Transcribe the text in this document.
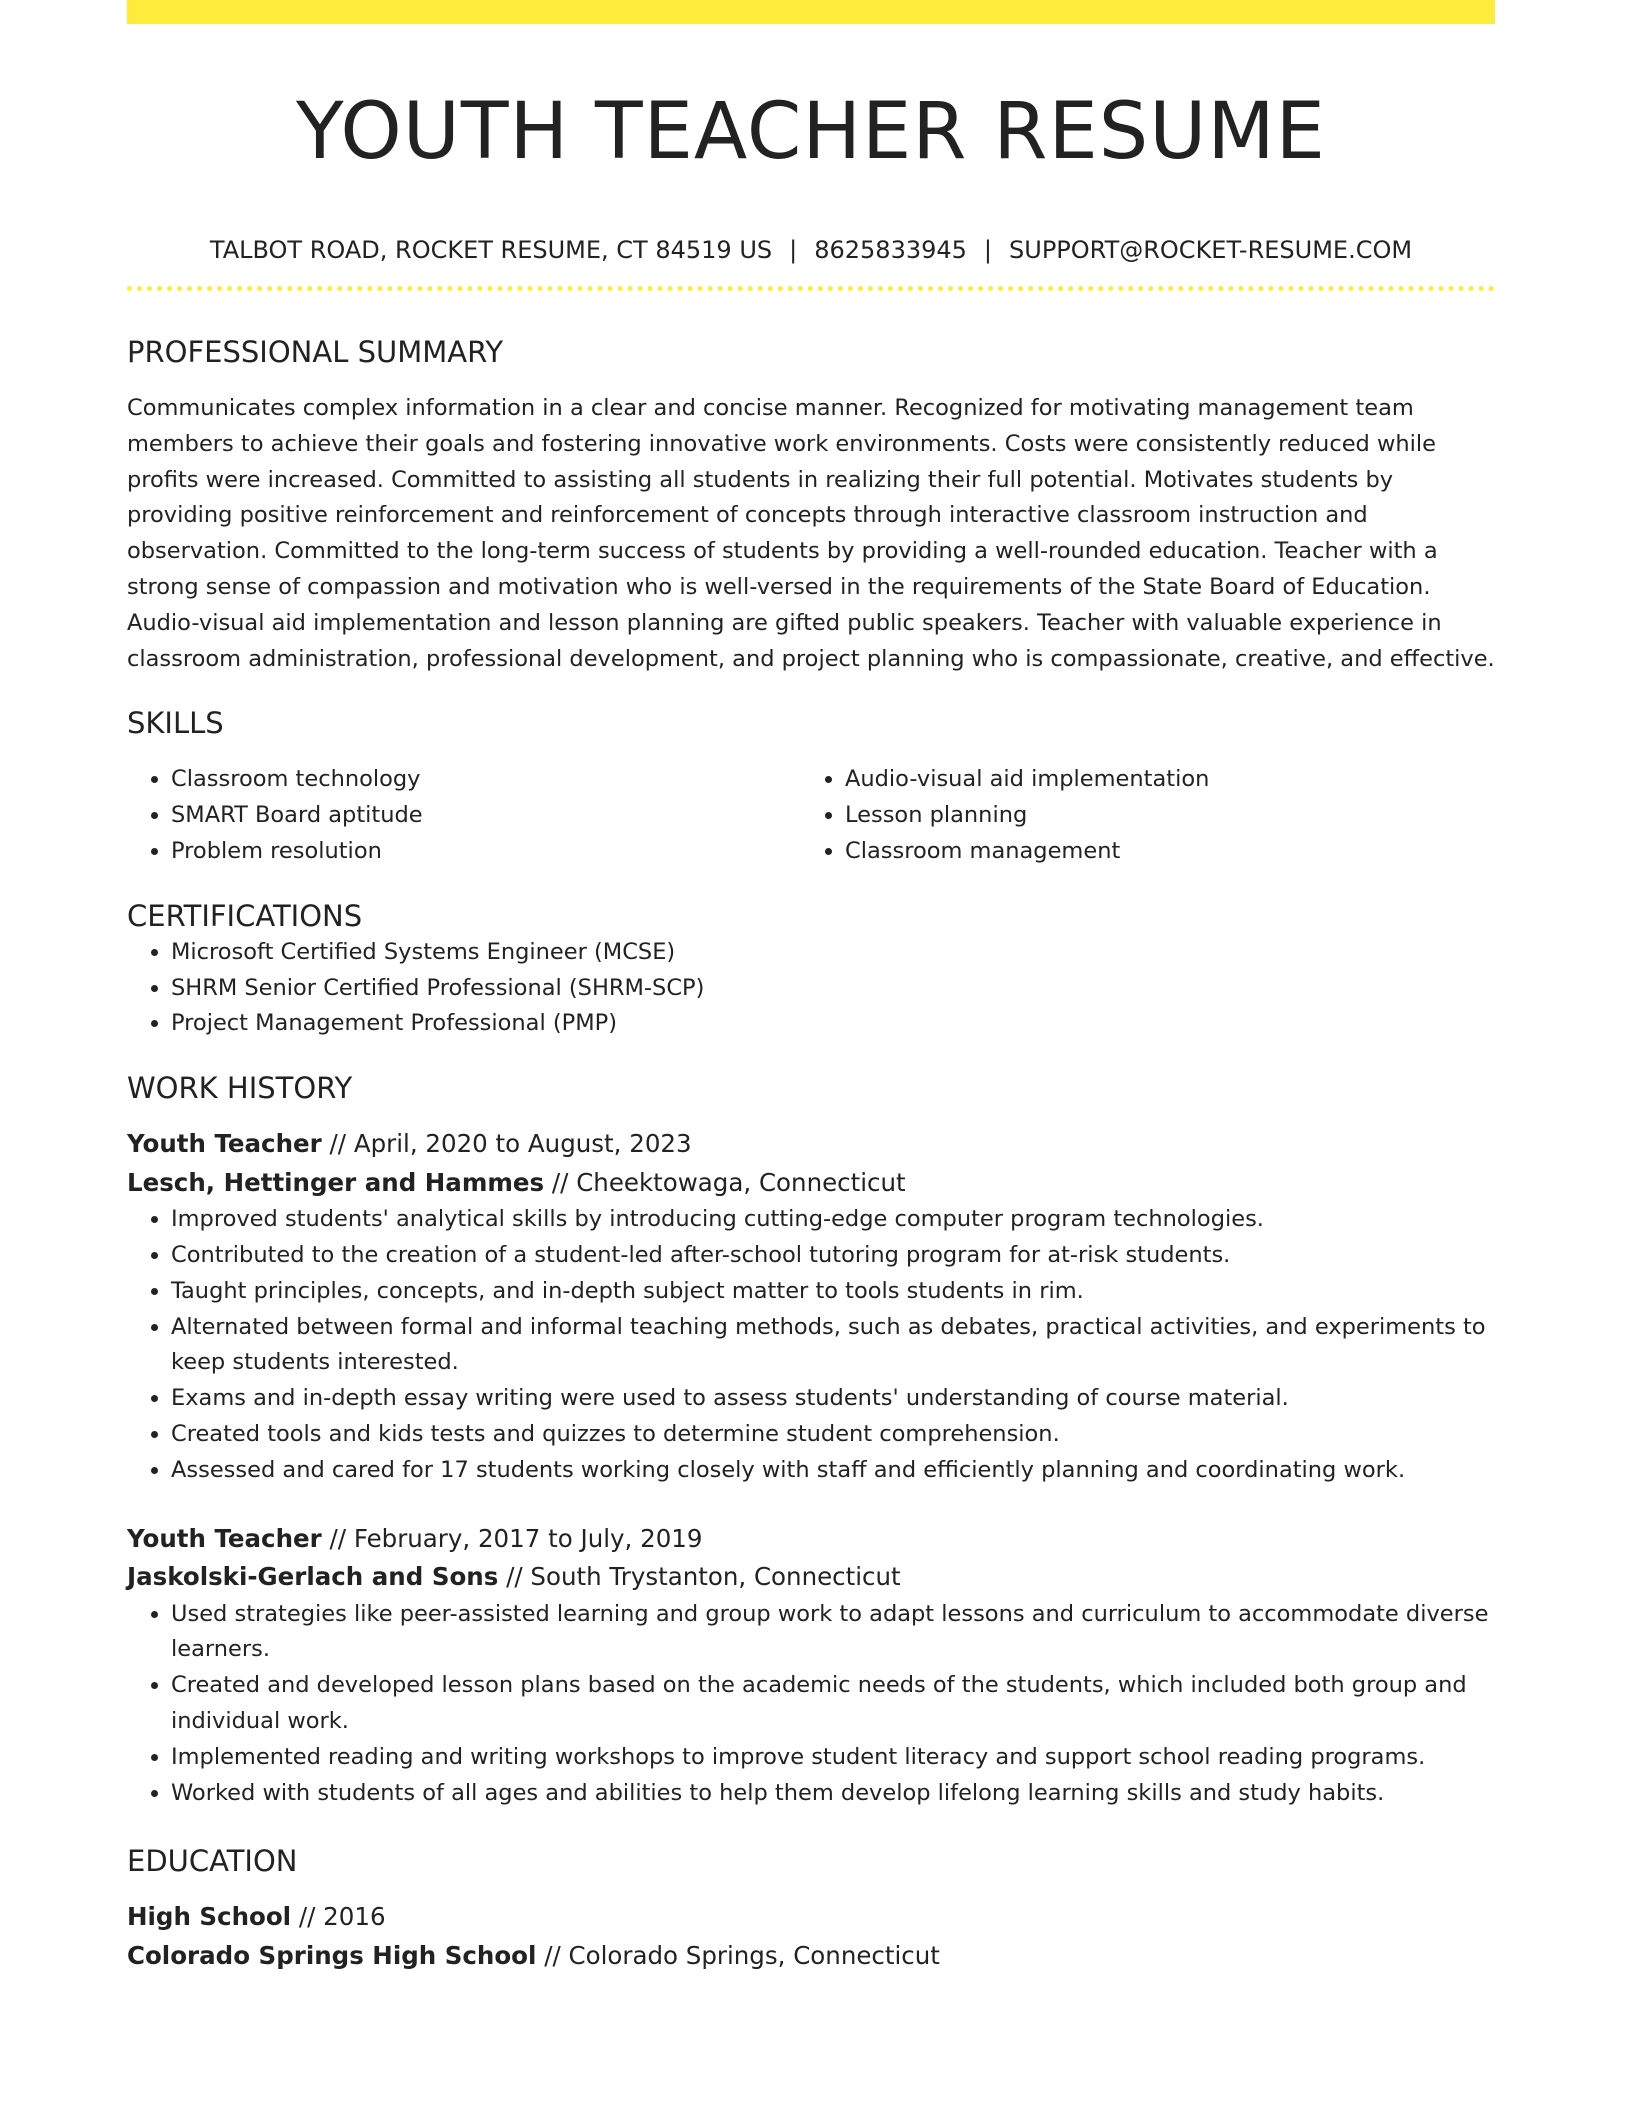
YOUTH TEACHER RESUME
TALBOT ROAD, ROCKET RESUME, CT 84519 US | 8625833945 | SUPPORT@ROCKET-RESUME.COM
PROFESSIONAL SUMMARY

Communicates complex information in a clear and concise manner. Recognized for motivating management team members to achieve their goals and fostering innovative work environments. Costs were consistently reduced while profits were increased. Committed to assisting all students in realizing their full potential. Motivates students by providing positive reinforcement and reinforcement of concepts through interactive classroom instruction and observation. Committed to the long-term success of students by providing a well-rounded education. Teacher with a strong sense of compassion and motivation who is well-versed in the requirements of the State Board of Education. Audio-visual aid implementation and lesson planning are gifted public speakers. Teacher with valuable experience in classroom administration, professional development, and project planning who is compassionate, creative, and effective.

SKILLS
• Classroom technology
• SMART Board aptitude
• Problem resolution
• Audio-visual aid implementation
• Lesson planning
• Classroom management
CERTIFICATIONS
• Microsoft Certified Systems Engineer (MCSE)
• SHRM Senior Certified Professional (SHRM-SCP)
• Project Management Professional (PMP)
WORK HISTORY
Youth Teacher // April, 2020 to August, 2023
Lesch, Hettinger and Hammes // Cheektowaga, Connecticut
• Improved students' analytical skills by introducing cutting-edge computer program technologies.
• Contributed to the creation of a student-led after-school tutoring program for at-risk students.
• Taught principles, concepts, and in-depth subject matter to tools students in rim.
• Alternated between formal and informal teaching methods, such as debates, practical activities, and experiments to keep students interested.
• Exams and in-depth essay writing were used to assess students' understanding of course material.
• Created tools and kids tests and quizzes to determine student comprehension.
• Assessed and cared for 17 students working closely with staff and efficiently planning and coordinating work.
Youth Teacher // February, 2017 to July, 2019
Jaskolski-Gerlach and Sons // South Trystanton, Connecticut
• Used strategies like peer-assisted learning and group work to adapt lessons and curriculum to accommodate diverse learners.
• Created and developed lesson plans based on the academic needs of the students, which included both group and individual work.
• Implemented reading and writing workshops to improve student literacy and support school reading programs.
• Worked with students of all ages and abilities to help them develop lifelong learning skills and study habits.
EDUCATION
High School // 2016
Colorado Springs High School // Colorado Springs, Connecticut
